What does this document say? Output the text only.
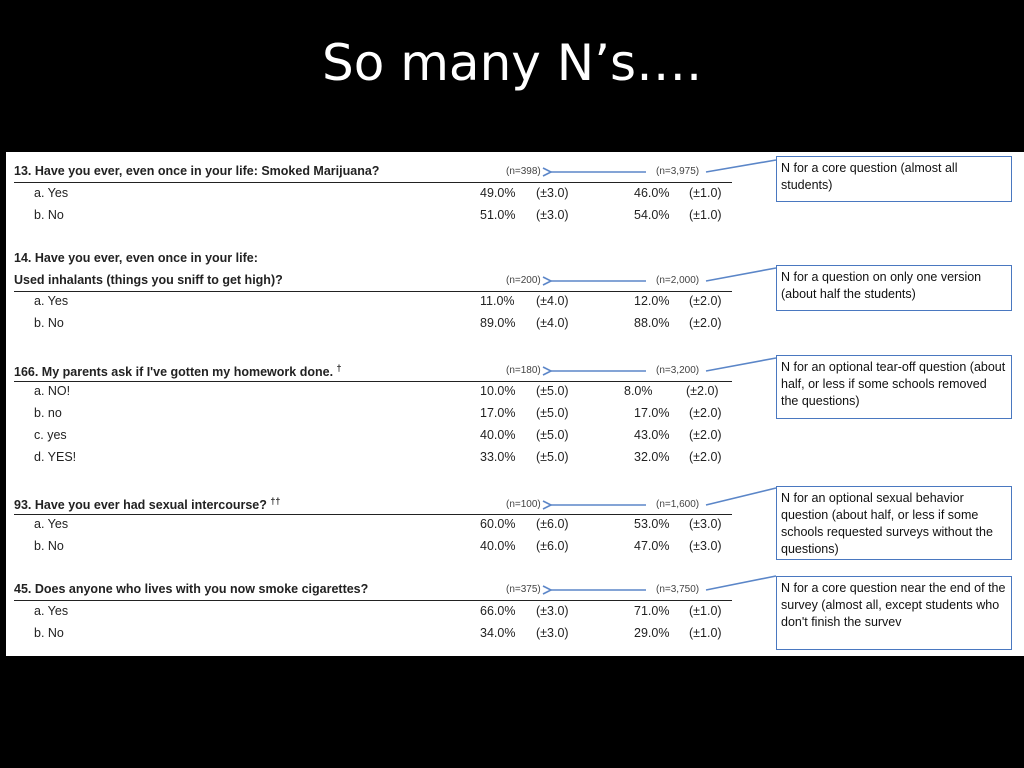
So many N’s….
13. Have you ever, even once in your life: Smoked Marijuana?	(n=398)	(n=3,975)
a. Yes	49.0% (±3.0)	46.0% (±1.0)
b. No	51.0% (±3.0)	54.0% (±1.0)
N for a core question (almost all students)
14. Have you ever, even once in your life:
Used inhalants (things you sniff to get high)?	(n=200)	(n=2,000)
a. Yes	11.0% (±4.0)	12.0% (±2.0)
b. No	89.0% (±4.0)	88.0% (±2.0)
N for a question on only one version (about half the students)
166. My parents ask if I've gotten my homework done. †	(n=180)	(n=3,200)
a. NO!	10.0% (±5.0)	8.0%	(±2.0)
b. no	17.0% (±5.0)	17.0% (±2.0)
c. yes	40.0% (±5.0)	43.0% (±2.0)
d. YES!	33.0% (±5.0)	32.0% (±2.0)
N for an optional tear-off question (about half, or less if some schools removed the questions)
93. Have you ever had sexual intercourse? ††	(n=100)	(n=1,600)
a. Yes	60.0% (±6.0)	53.0% (±3.0)
b. No	40.0% (±6.0)	47.0% (±3.0)
N for an optional sexual behavior question (about half, or less if some schools requested surveys without the questions)
45. Does anyone who lives with you now smoke cigarettes?	(n=375)	(n=3,750)
a. Yes	66.0% (±3.0)	71.0% (±1.0)
b. No	34.0% (±3.0)	29.0% (±1.0)
N for a core question near the end of the survey (almost all, except students who don't finish the survev
